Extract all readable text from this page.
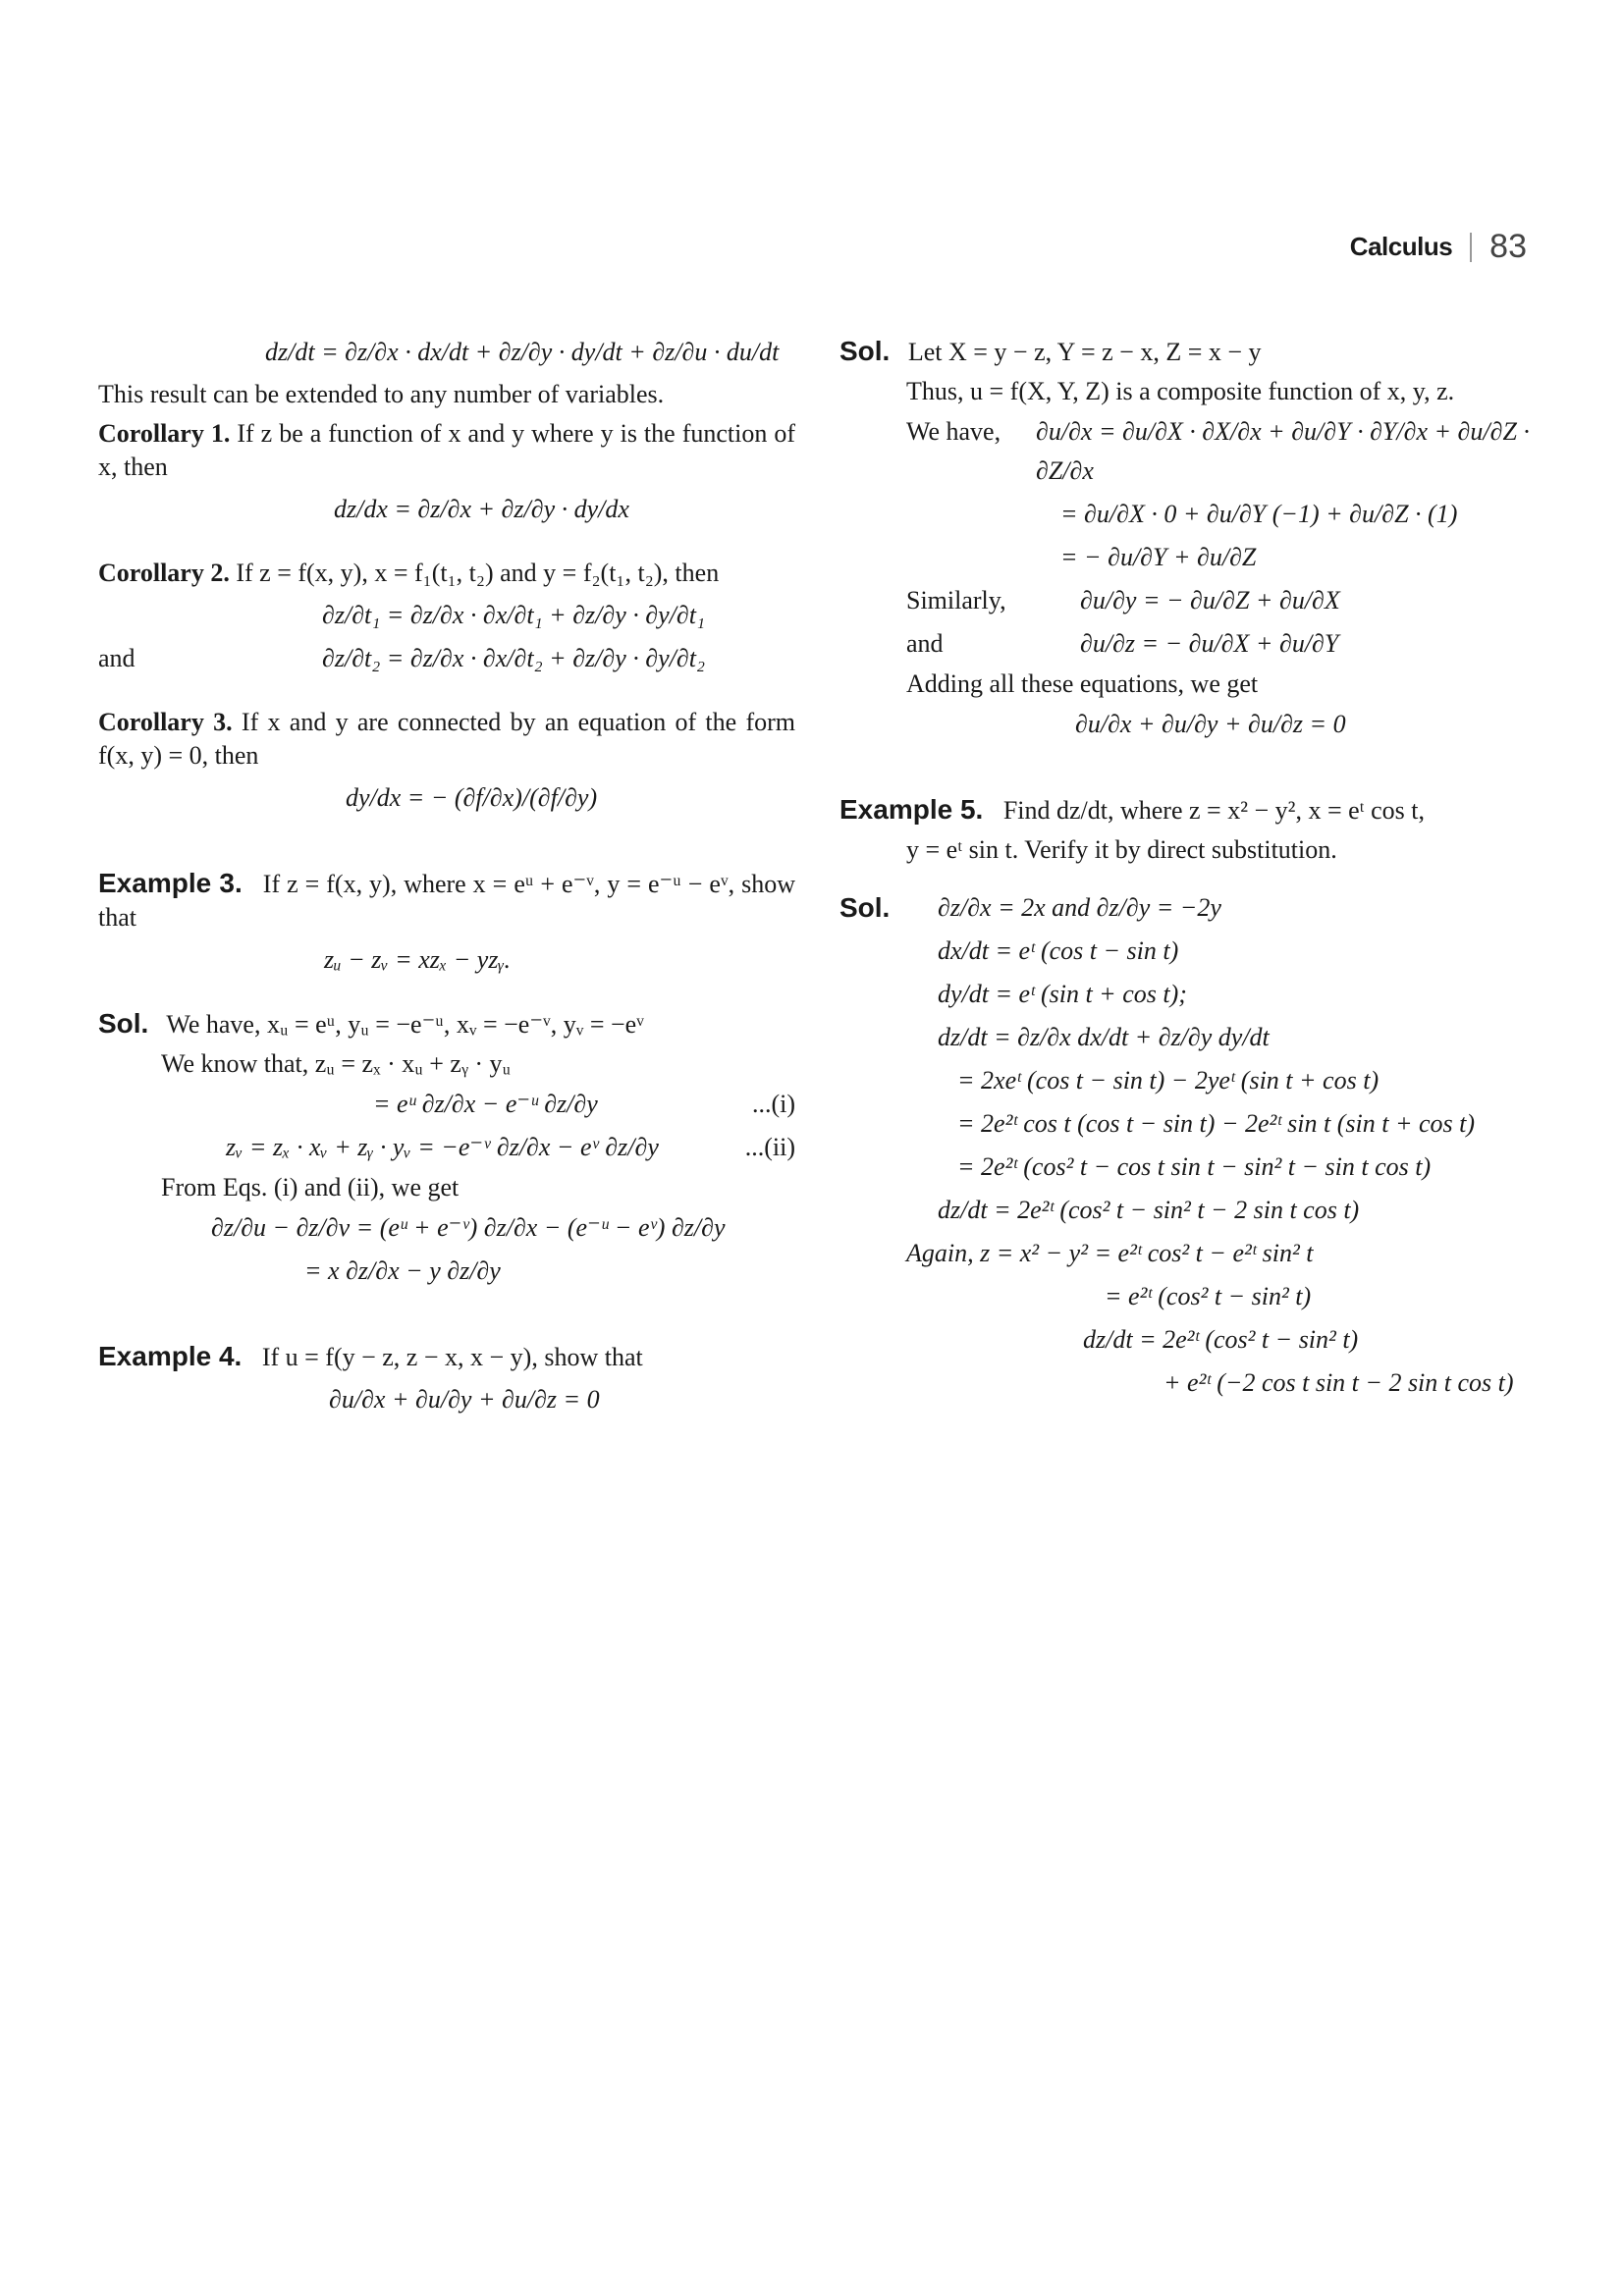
Calculus 83
dz/dt = ∂z/∂x · dx/dt + ∂z/∂y · dy/dt + ∂z/∂u · du/dt

This result can be extended to any number of variables.

Corollary 1. If z be a function of x and y where y is the function of x, then

dz/dx = ∂z/∂x + ∂z/∂y · dy/dx

Corollary 2. If z = f(x, y), x = f₁(t₁, t₂) and y = f₂(t₁, t₂), then

∂z/∂t₁ = ∂z/∂x · ∂x/∂t₁ + ∂z/∂y · ∂y/∂t₁
and	∂z/∂t₂ = ∂z/∂x · ∂x/∂t₂ + ∂z/∂y · ∂y/∂t₂

Corollary 3. If x and y are connected by an equation of the form f(x, y) = 0, then

dy/dx = − (∂f/∂x)/(∂f/∂y)

Example 3. If z = f(x, y), where x = eᵘ + e⁻ᵛ, y = e⁻ᵘ − eᵛ, show that

zᵤ − zᵥ = xzₓ − yzᵧ.

Sol. We have, xᵤ = eᵘ, yᵤ = −e⁻ᵘ, xᵥ = −e⁻ᵛ, yᵥ = −eᵛ

We know that, zᵤ = zₓ · xᵤ + zᵧ · yᵤ
= eᵘ ∂z/∂x − e⁻ᵘ ∂z/∂y	...(i)
zᵥ = zₓ · xᵥ + zᵧ · yᵥ = −e⁻ᵛ ∂z/∂x − eᵛ ∂z/∂y	...(ii)
From Eqs. (i) and (ii), we get
∂z/∂u − ∂z/∂v = (eᵘ + e⁻ᵛ) ∂z/∂x − (e⁻ᵘ − eᵛ) ∂z/∂y
= x ∂z/∂x − y ∂z/∂y

Example 4. If u = f(y − z, z − x, x − y), show that

∂u/∂x + ∂u/∂y + ∂u/∂z = 0

Sol. Let X = y − z, Y = z − x, Z = x − y

Thus, u = f(X, Y, Z) is a composite function of x, y, z.
We have, ∂u/∂x = ∂u/∂X · ∂X/∂x + ∂u/∂Y · ∂Y/∂x + ∂u/∂Z · ∂Z/∂x
= ∂u/∂X · 0 + ∂u/∂Y (−1) + ∂u/∂Z · (1)
= − ∂u/∂Y + ∂u/∂Z
Similarly,	∂u/∂y = − ∂u/∂Z + ∂u/∂X
and	∂u/∂z = − ∂u/∂X + ∂u/∂Y
Adding all these equations, we get
∂u/∂x + ∂u/∂y + ∂u/∂z = 0

Example 5. Find dz/dt, where z = x² − y², x = eᵗ cos t,

y = eᵗ sin t. Verify it by direct substitution.
Sol. ∂z/∂x = 2x and ∂z/∂y = −2y
dx/dt = eᵗ (cos t − sin t)
dy/dt = eᵗ (sin t + cos t);
dz/dt = ∂z/∂x dx/dt + ∂z/∂y dy/dt
= 2xeᵗ (cos t − sin t) − 2yeᵗ (sin t + cos t)
= 2e²ᵗ cos t (cos t − sin t) − 2e²ᵗ sin t (sin t + cos t)
= 2e²ᵗ (cos² t − cos t sin t − sin² t − sin t cos t)
dz/dt = 2e²ᵗ (cos² t − sin² t − 2 sin t cos t)
Again, z = x² − y² = e²ᵗ cos² t − e²ᵗ sin² t
= e²ᵗ (cos² t − sin² t)
dz/dt = 2e²ᵗ (cos² t − sin² t)
+ e²ᵗ (−2 cos t sin t − 2 sin t cos t)
